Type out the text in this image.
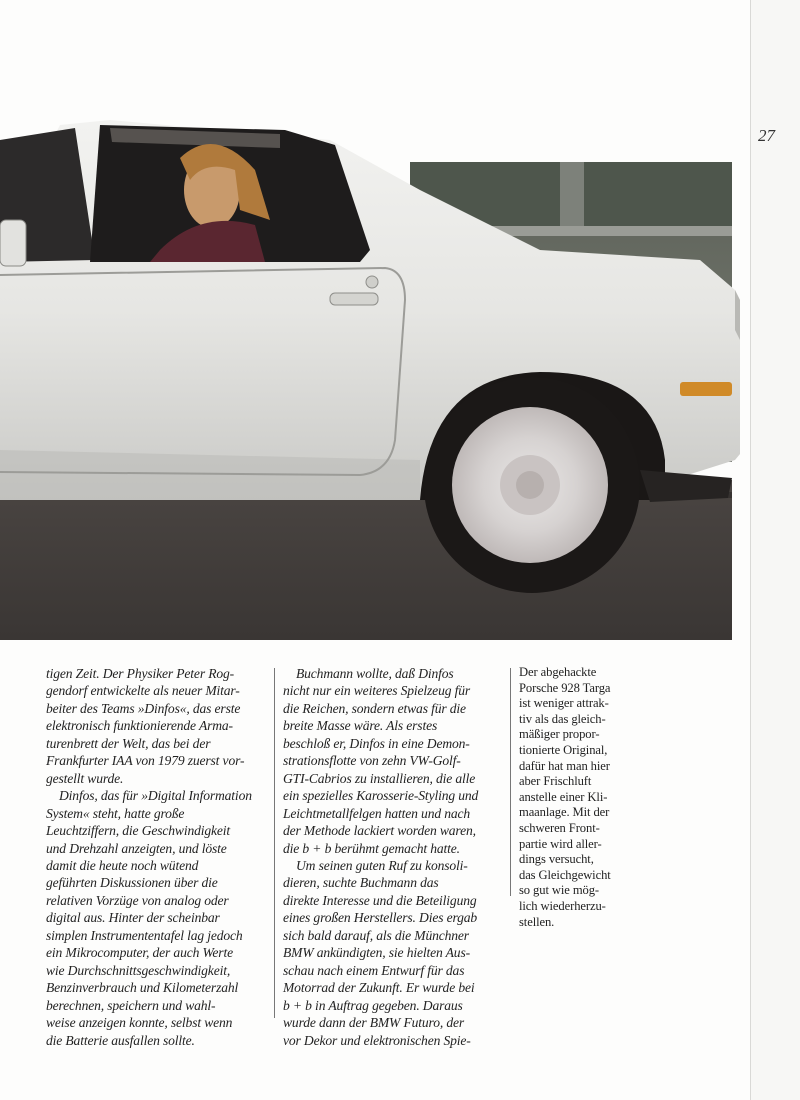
27

tigen Zeit. Der Physiker Peter Rog-

gendorf entwickelte als neuer Mitar-

beiter des Teams »Dinfos«, das erste

elektronisch funktionierende Arma-

turenbrett der Welt, das bei der

Frankfurter IAA von 1979 zuerst vor-

gestellt wurde.

Dinfos, das für »Digital Information

System« steht, hatte große

Leuchtziffern, die Geschwindigkeit

und Drehzahl anzeigten, und löste

damit die heute noch wütend

geführten Diskussionen über die

relativen Vorzüge von analog oder

digital aus. Hinter der scheinbar

simplen Instrumententafel lag jedoch

ein Mikrocomputer, der auch Werte

wie Durchschnittsgeschwindigkeit,

Benzinverbrauch und Kilometerzahl

berechnen, speichern und wahl-

weise anzeigen konnte, selbst wenn

die Batterie ausfallen sollte.

Buchmann wollte, daß Dinfos

nicht nur ein weiteres Spielzeug für

die Reichen, sondern etwas für die

breite Masse wäre. Als erstes

beschloß er, Dinfos in eine Demon-

strationsflotte von zehn VW-Golf-

GTI-Cabrios zu installieren, die alle

ein spezielles Karosserie-Styling und

Leichtmetallfelgen hatten und nach

der Methode lackiert worden waren,

die b + b berühmt gemacht hatte.

Um seinen guten Ruf zu konsoli-

dieren, suchte Buchmann das

direkte Interesse und die Beteiligung

eines großen Herstellers. Dies ergab

sich bald darauf, als die Münchner

BMW ankündigten, sie hielten Aus-

schau nach einem Entwurf für das

Motorrad der Zukunft. Er wurde bei

b + b in Auftrag gegeben. Daraus

wurde dann der BMW Futuro, der

vor Dekor und elektronischen Spie-

Der abgehackte

Porsche 928 Targa

ist weniger attrak-

tiv als das gleich-

mäßiger propor-

tionierte Original,

dafür hat man hier

aber Frischluft

anstelle einer Kli-

maanlage. Mit der

schweren Front-

partie wird aller-

dings versucht,

das Gleichgewicht

so gut wie mög-

lich wiederherzu-

stellen.
